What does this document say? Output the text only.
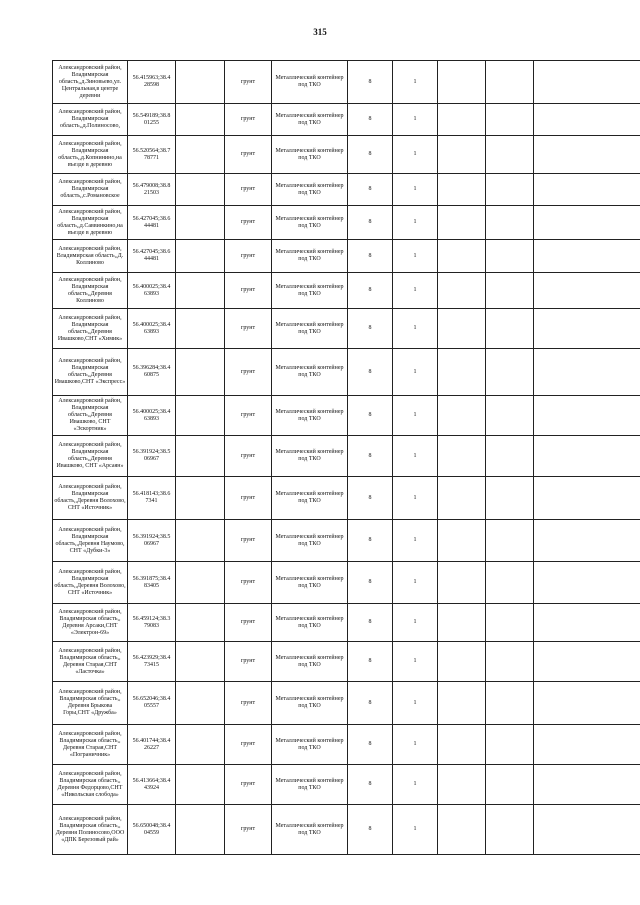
315
Александровский район, Владимирская область,,д.Зиновьево,ул. Центральная,в центре деревни	56.415963;38.4 28598		грунт	Металлический контейнер под ТКО	8	1			
Александровский район, Владимирская область,,д.Полиносово,	56.549189;38.8 01255		грунт	Металлический контейнер под ТКО	8	1			
Александровский район, Владимирская область,,д.Копнинино,на въезде в деревню	56.520564;38.7 78771		грунт	Металлический контейнер под ТКО	8	1			
Александровский район, Владимирская область,,с.Романовское	56.479008;38.8 21503		грунт	Металлический контейнер под ТКО	8	1			
Александровский район, Владимирская область,,д.Саввинкино,на въезде в деревню	56.427045;38.6 44481		грунт	Металлический контейнер под ТКО	8	1			
Александровский район, Владимирская область,,Д. Коллиново	56.427045;38.6 44481		грунт	Металлический контейнер под ТКО	8	1			
Александровский район, Владимирская область,,Деревня Коллиново	56.400025;38.4 63893		грунт	Металлический контейнер под ТКО	8	1			
Александровский район, Владимирская область,,Деревня Ивашково,СНТ «Химик»	56.400025;38.4 63893		грунт	Металлический контейнер под ТКО	8	1			
Александровский район, Владимирская область,,Деревня Ивашково,СНТ «Экспресс»	56.396284;38.4 60875		грунт	Металлический контейнер под ТКО	8	1			
Александровский район, Владимирская область,,Деревня Ивашково, СНТ «Эскортник»	56.400025;38.4 63893		грунт	Металлический контейнер под ТКО	8	1			
Александровский район, Владимирская область,,Деревня Ивашково, СНТ «Арсаян»	56.391924;38.5 06967		грунт	Металлический контейнер под ТКО	8	1			
Александровский район, Владимирская область,,Деревня Волохово, СНТ «Источник»	56.418143;38.6 7341		грунт	Металлический контейнер под ТКО	8	1			
Александровский район, Владимирская область,,Деревня Наумово, СНТ «Дубки-3»	56.391924;38.5 06967		грунт	Металлический контейнер под ТКО	8	1			
Александровский район, Владимирская область,,Деревня Волохово, СНТ «Источник»	56.391875;38.4 83405		грунт	Металлический контейнер под ТКО	8	1			
Александровский район, Владимирская область,, Деревня Арсаки,СНТ «Электрон-69»	56.459124;38.3 79083		грунт	Металлический контейнер под ТКО	8	1			
Александровский район, Владимирская область,, Деревня Старая,СНТ «Ласточка»	56.423929;38.4 73415		грунт	Металлический контейнер под ТКО	8	1			
Александровский район, Владимирская область,, Деревня Брыкова Горы,СНТ «Дружба»	56.652046;38.4 05557		грунт	Металлический контейнер под ТКО	8	1			
Александровский район, Владимирская область,, Деревня Старая,СНТ «Пограничник»	56.401744;38.4 26227		грунт	Металлический контейнер под ТКО	8	1			
Александровский район, Владимирская область,, Деревня Федорцово,СНТ «Никольская слобода»	56.413664;38.4 43924		грунт	Металлический контейнер под ТКО	8	1			
Александровский район, Владимирская область,, Деревня Полиносово,ООО «ДПК Березовый рай»	56.650048;38.4 04559		грунт	Металлический контейнер под ТКО	8	1			
